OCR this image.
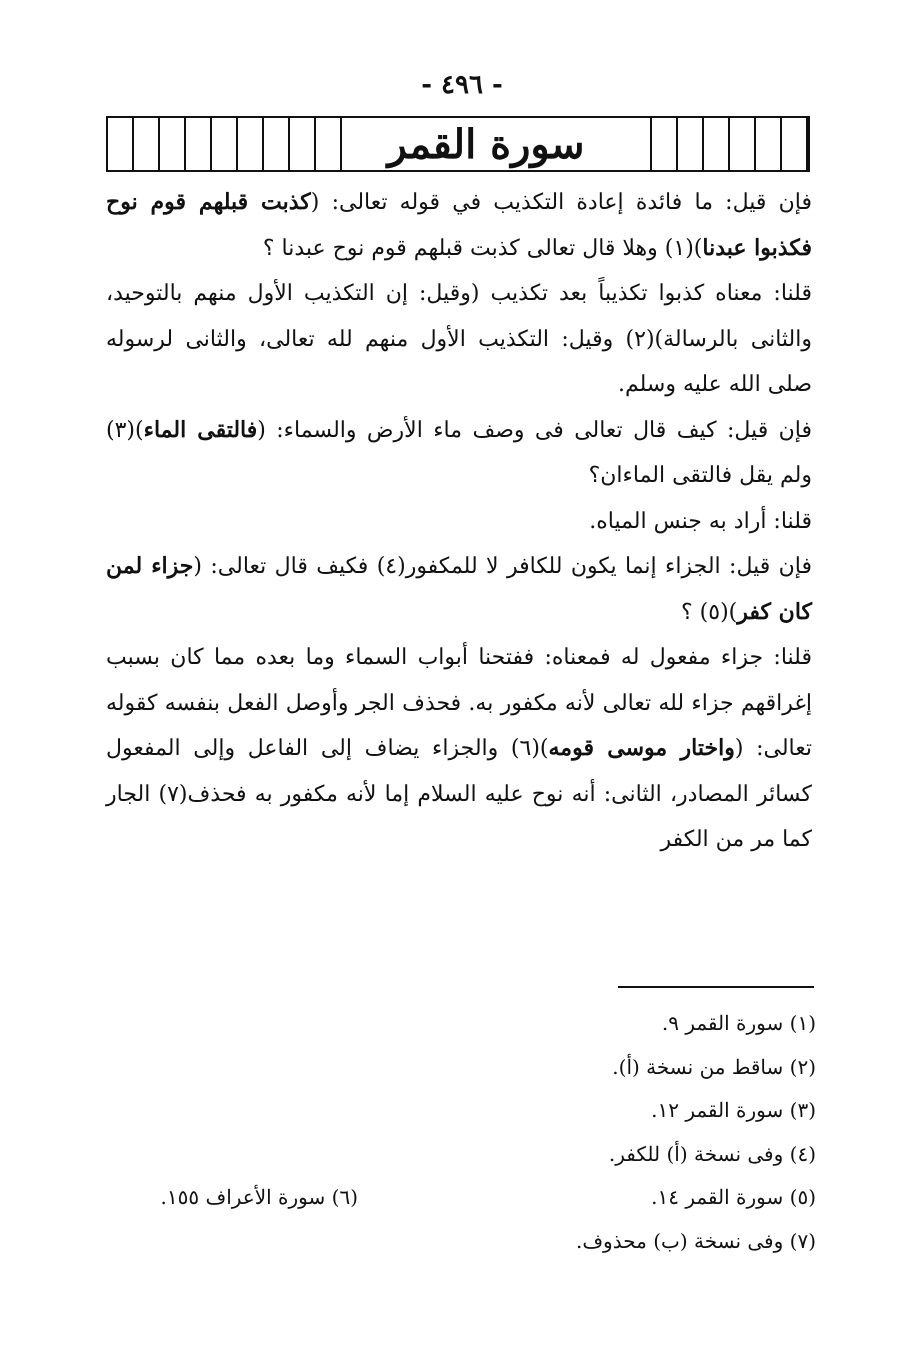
- ٤٩٦ -
سورة القمر

فإن قيل: ما فائدة إعادة التكذيب في قوله تعالى: (كذبت قبلهم قوم نوح فكذبوا عبدنا)(١) وهلا قال تعالى كذبت قبلهم قوم نوح عبدنا ؟

قلنا: معناه كذبوا تكذيباً بعد تكذيب (وقيل: إن التكذيب الأول منهم بالتوحيد، والثانى بالرسالة)(٢) وقيل: التكذيب الأول منهم لله تعالى، والثانى لرسوله صلى الله عليه وسلم.

فإن قيل: كيف قال تعالى فى وصف ماء الأرض والسماء: (فالتقى الماء)(٣) ولم يقل فالتقى الماءان؟

قلنا: أراد به جنس المياه.

فإن قيل: الجزاء إنما يكون للكافر لا للمكفور(٤) فكيف قال تعالى: (جزاء لمن كان كفر)(٥) ؟

قلنا: جزاء مفعول له فمعناه: ففتحنا أبواب السماء وما بعده مما كان بسبب إغراقهم جزاء لله تعالى لأنه مكفور به. فحذف الجر وأوصل الفعل بنفسه كقوله تعالى: (واختار موسى قومه)(٦) والجزاء يضاف إلى الفاعل وإلى المفعول كسائر المصادر، الثانى: أنه نوح عليه السلام إما لأنه مكفور به فحذف(٧) الجار كما مر من الكفر

(١) سورة القمر ٩.
(٢) ساقط من نسخة (أ).
(٣) سورة القمر ١٢.
(٤) وفى نسخة (أ) للكفر.
(٥) سورة القمر ١٤.
(٧) وفى نسخة (ب) محذوف.
(٦) سورة الأعراف ١٥٥.
